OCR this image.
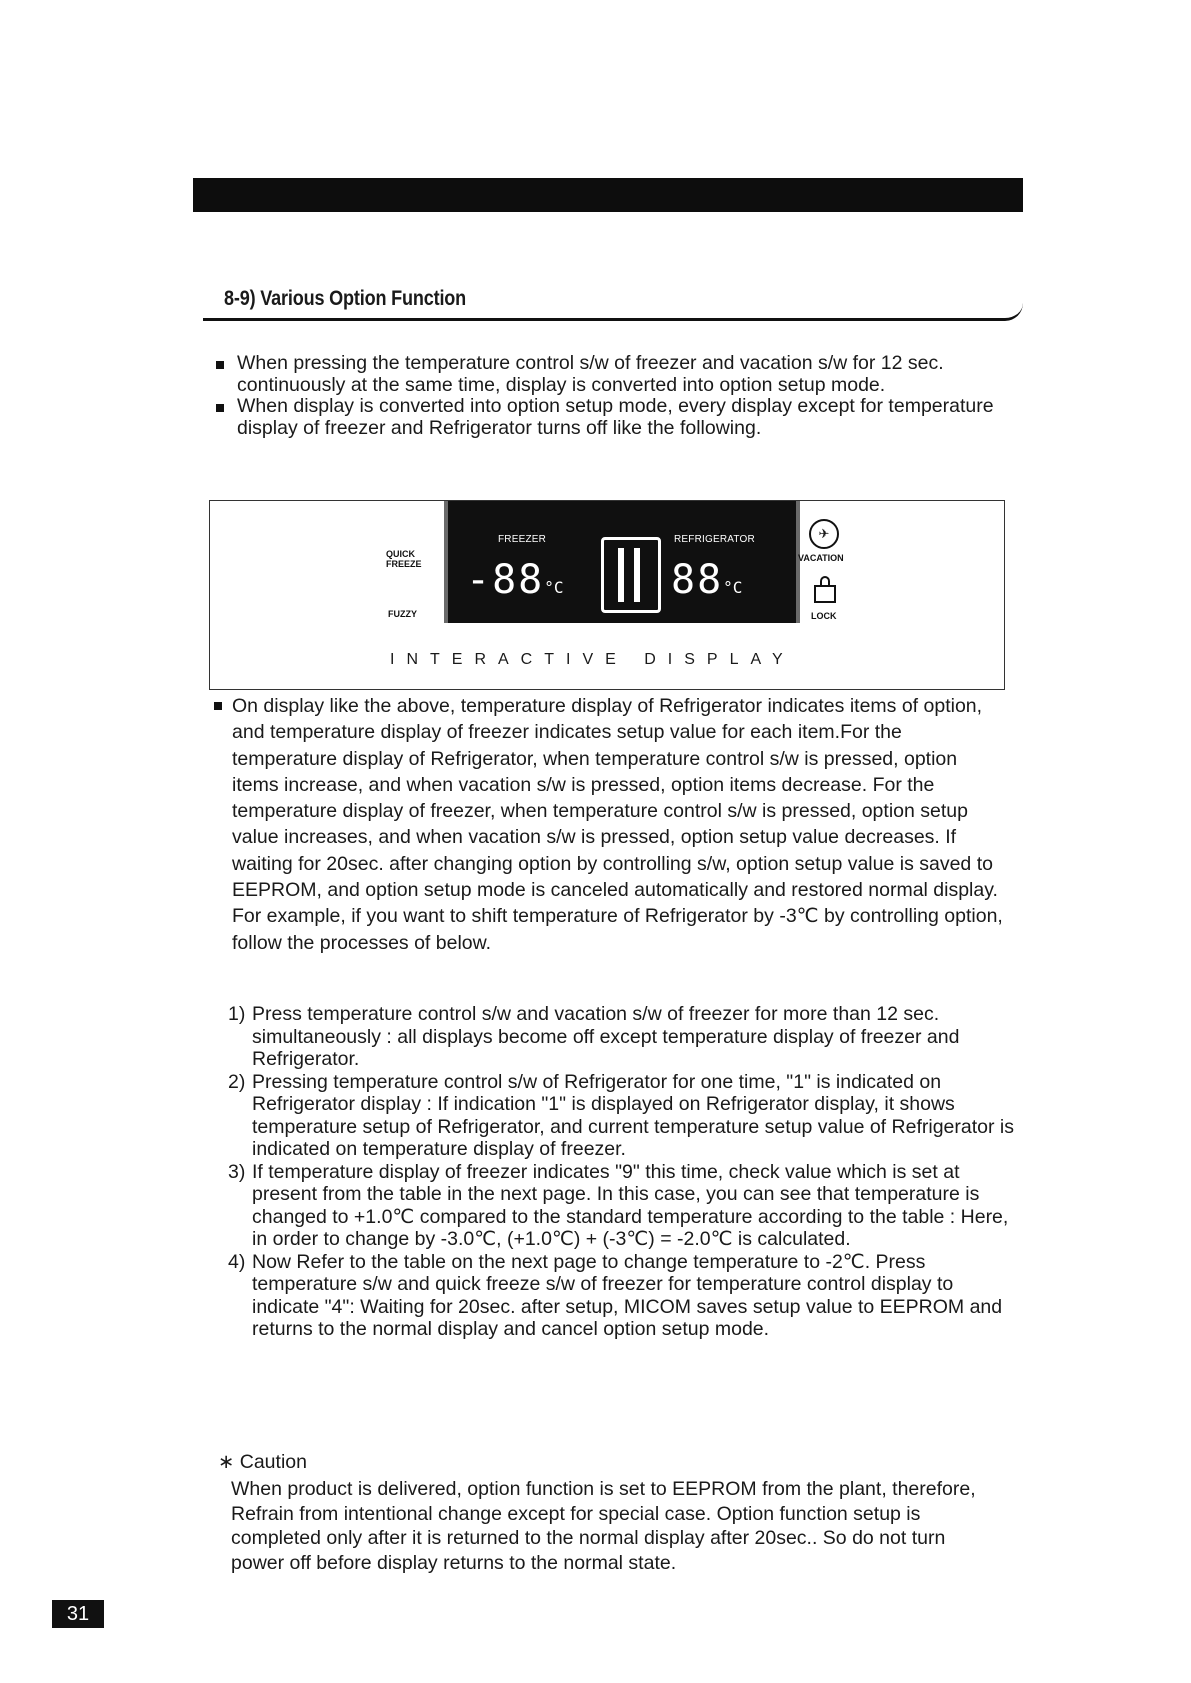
8-9) Various Option Function
When pressing the temperature control s/w of freezer and vacation s/w for 12 sec. continuously at the same time, display is converted into option setup mode.
When display is converted into option setup mode, every display except for temperature display of freezer and Refrigerator turns off like the following.
QUICK FREEZE
FUZZY
FREEZER	REFRIGERATOR
-88°C	88°C
✈
VACATION
LOCK
INTERACTIVE DISPLAY
On display like the above, temperature display of Refrigerator indicates items of option, and temperature display of freezer indicates setup value for each item.For the temperature display of Refrigerator, when temperature control s/w is pressed, option items increase, and when vacation s/w is pressed, option items decrease. For the temperature display of freezer, when temperature control s/w is pressed, option setup value increases, and when vacation s/w is pressed, option setup value decreases. If waiting for 20sec. after changing option by controlling s/w, option setup value is saved to EEPROM, and option setup mode is canceled automatically and restored normal display. For example, if you want to shift temperature of Refrigerator by -3℃ by controlling option, follow the processes of below.
1) Press temperature control s/w and vacation s/w of freezer for more than 12 sec. simultaneously : all displays become off except temperature display of freezer and Refrigerator.
2) Pressing temperature control s/w of Refrigerator for one time, "1" is indicated on Refrigerator display : If indication "1" is displayed on Refrigerator display, it shows temperature setup of Refrigerator, and current temperature setup value of Refrigerator is indicated on temperature display of freezer.
3) If temperature display of freezer indicates "9" this time, check value which is set at present from the table in the next page. In this case, you can see that temperature is changed to +1.0℃ compared to the standard temperature according to the table : Here, in order to change by -3.0℃, (+1.0℃) + (-3℃) = -2.0℃ is calculated.
4) Now Refer to the table on the next page to change temperature to -2℃. Press temperature s/w and quick freeze s/w of freezer for temperature control display to indicate "4": Waiting for 20sec. after setup, MICOM saves setup value to EEPROM and returns to the normal display and cancel option setup mode.
∗ Caution
When product is delivered, option function is set to EEPROM from the plant, therefore, Refrain from intentional change except for special case. Option function setup is completed only after it is returned to the normal display after 20sec.. So do not turn power off before display returns to the normal state.
31
